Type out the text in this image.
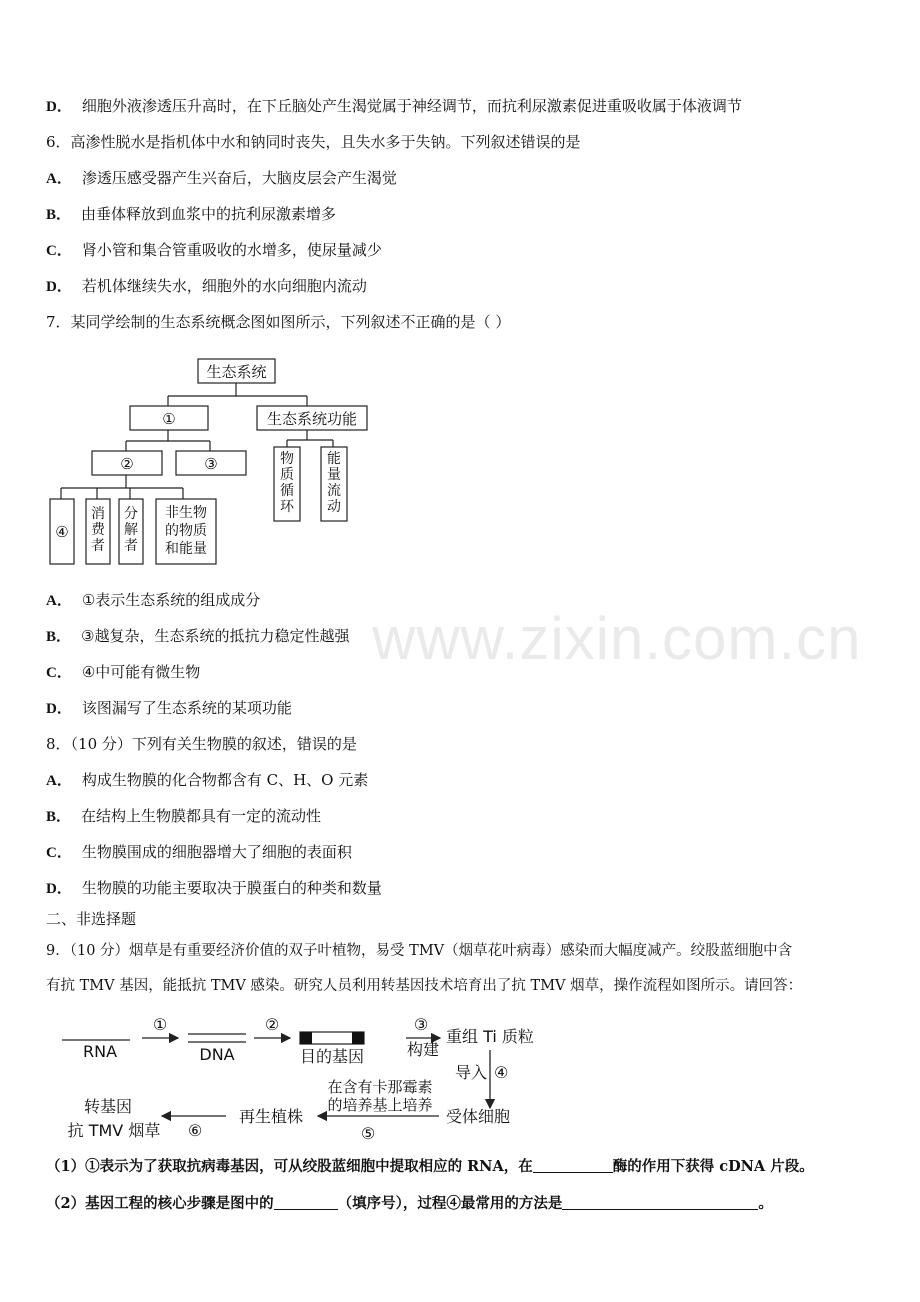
www.zixin.com.cn
D． 细胞外液渗透压升高时，在下丘脑处产生渴觉属于神经调节，而抗利尿激素促进重吸收属于体液调节
6．高渗性脱水是指机体中水和钠同时丧失，且失水多于失钠。下列叙述错误的是
A． 渗透压感受器产生兴奋后，大脑皮层会产生渴觉
B． 由垂体释放到血浆中的抗利尿激素增多
C． 肾小管和集合管重吸收的水增多，使尿量减少
D． 若机体继续失水，细胞外的水向细胞内流动
7．某同学绘制的生态系统概念图如图所示，下列叙述不正确的是（ ）
生态系统
①	生态系统功能
②	③
④
非生物
的物质
和能量
物质循环
能量流动
消费者
分解者
A． ①表示生态系统的组成成分
B． ③越复杂，生态系统的抵抗力稳定性越强
C． ④中可能有微生物
D． 该图漏写了生态系统的某项功能
8．（10 分）下列有关生物膜的叙述，错误的是
A． 构成生物膜的化合物都含有 C、H、O 元素
B． 在结构上生物膜都具有一定的流动性
C． 生物膜围成的细胞器增大了细胞的表面积
D． 生物膜的功能主要取决于膜蛋白的种类和数量
二、非选择题
9．（10 分）烟草是有重要经济价值的双子叶植物，易受 TMV（烟草花叶病毒）感染而大幅度减产。绞股蓝细胞中含
有抗 TMV 基因，能抵抗 TMV 感染。研究人员利用转基因技术培育出了抗 TMV 烟草，操作流程如图所示。请回答：
RNA
①
DNA
②
目的基因
③
构建
重组 Ti 质粒
导入 ④
受体细胞
在含有卡那霉素
的培养基上培养
⑤
再生植株
转基因
抗 TMV 烟草 ⑥
（1）①表示为了获取抗病毒基因，可从绞股蓝细胞中提取相应的 RNA，在	酶的作用下获得 cDNA 片段。
（2）基因工程的核心步骤是图中的	（填序号），过程④最常用的方法是	。
